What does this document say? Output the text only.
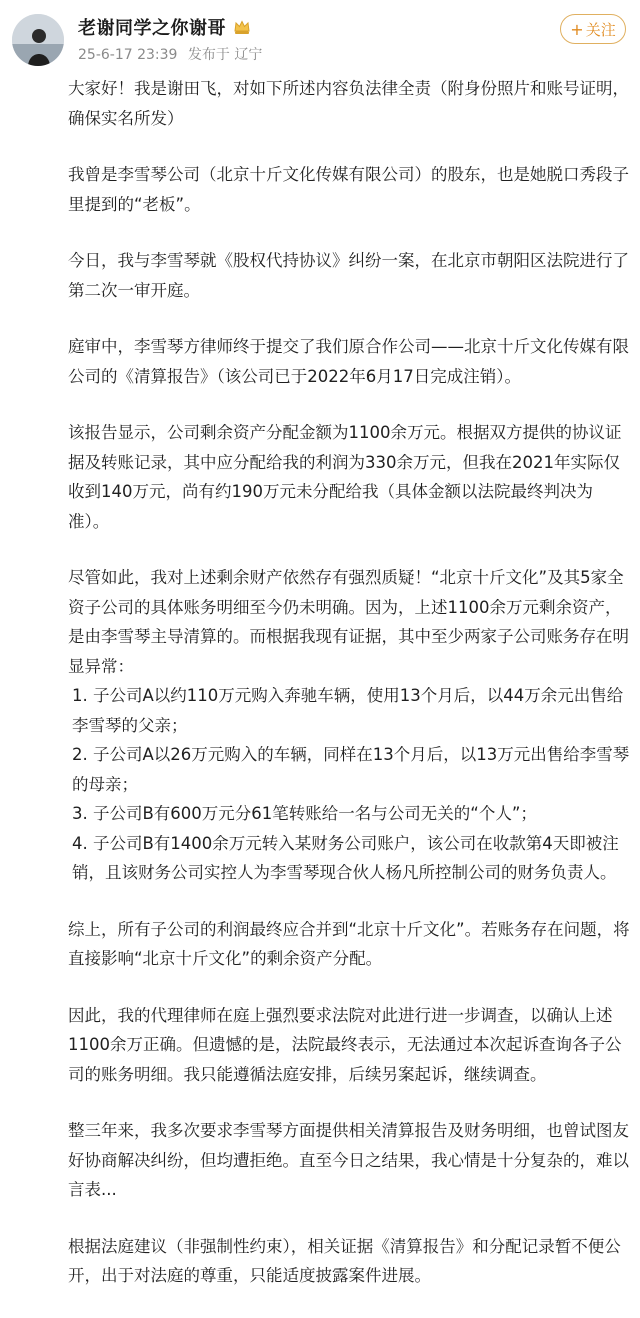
老谢同学之你谢哥
25-6-17 23:39 发布于 辽宁
+ 关注

大家好！我是谢田飞，对如下所述内容负法律全责（附身份照片和账号证明，确保实名所发）

我曾是李雪琴公司（北京十斤文化传媒有限公司）的股东，也是她脱口秀段子里提到的“老板”。

今日，我与李雪琴就《股权代持协议》纠纷一案，在北京市朝阳区法院进行了第二次一审开庭。

庭审中，李雪琴方律师终于提交了我们原合作公司——北京十斤文化传媒有限公司的《清算报告》（该公司已于2022年6月17日完成注销）。

该报告显示，公司剩余资产分配金额为1100余万元。根据双方提供的协议证据及转账记录，其中应分配给我的利润为330余万元，但我在2021年实际仅收到140万元，尚有约190万元未分配给我（具体金额以法院最终判决为准）。

尽管如此，我对上述剩余财产依然存有强烈质疑！“北京十斤文化”及其5家全资子公司的具体账务明细至今仍未明确。因为，上述1100余万元剩余资产，是由李雪琴主导清算的。而根据我现有证据，其中至少两家子公司账务存在明显异常：

1. 子公司A以约110万元购入奔驰车辆，使用13个月后，以44万余元出售给李雪琴的父亲；

2. 子公司A以26万元购入的车辆，同样在13个月后，以13万元出售给李雪琴的母亲；

3. 子公司B有600万元分61笔转账给一名与公司无关的“个人”；

4. 子公司B有1400余万元转入某财务公司账户，该公司在收款第4天即被注销，且该财务公司实控人为李雪琴现合伙人杨凡所控制公司的财务负责人。

综上，所有子公司的利润最终应合并到“北京十斤文化”。若账务存在问题，将直接影响“北京十斤文化”的剩余资产分配。

因此，我的代理律师在庭上强烈要求法院对此进行进一步调查，以确认上述1100余万正确。但遗憾的是，法院最终表示，无法通过本次起诉查询各子公司的账务明细。我只能遵循法庭安排，后续另案起诉，继续调查。

整三年来，我多次要求李雪琴方面提供相关清算报告及财务明细，也曾试图友好协商解决纠纷，但均遭拒绝。直至今日之结果，我心情是十分复杂的，难以言表...

根据法庭建议（非强制性约束），相关证据《清算报告》和分配记录暂不便公开，出于对法庭的尊重，只能适度披露案件进展。
